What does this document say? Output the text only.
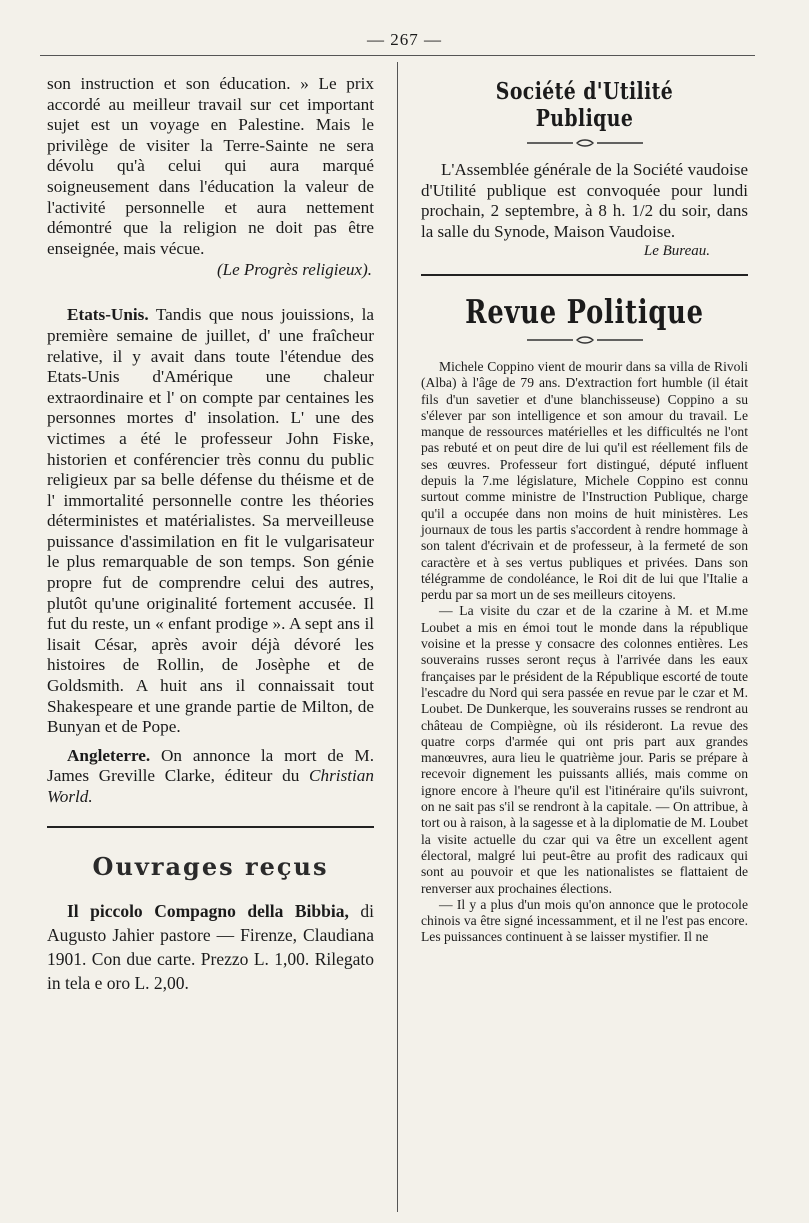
— 267 —

son instruction et son éducation. » Le prix accordé au meilleur travail sur cet important sujet est un voyage en Palestine. Mais le privilège de visiter la Terre-Sainte ne sera dévolu qu'à celui qui aura marqué soigneusement dans l'éducation la valeur de l'activité personnelle et aura nettement démontré que la religion ne doit pas être enseignée, mais vécue.

(Le Progrès religieux).

Etats-Unis. Tandis que nous jouissions, la première semaine de juillet, d' une fraîcheur relative, il y avait dans toute l'étendue des Etats-Unis d'Amérique une chaleur extraordinaire et l' on compte par centaines les personnes mortes d' insolation. L' une des victimes a été le professeur John Fiske, historien et conférencier très connu du public religieux par sa belle défense du théisme et de l' immortalité personnelle contre les théories déterministes et matérialistes. Sa merveilleuse puissance d'assimilation en fit le vulgarisateur le plus remarquable de son temps. Son génie propre fut de comprendre celui des autres, plutôt qu'une originalité fortement accusée. Il fut du reste, un « enfant prodige ». A sept ans il lisait César, après avoir déjà dévoré les histoires de Rollin, de Josèphe et de Goldsmith. A huit ans il connaissait tout Shakespeare et une grande partie de Milton, de Bunyan et de Pope.

Angleterre. On annonce la mort de M. James Greville Clarke, éditeur du Christian World.

Ouvrages reçus

Il piccolo Compagno della Bibbia, di Augusto Jahier pastore — Firenze, Claudiana 1901. Con due carte. Prezzo L. 1,00. Rilegato in tela e oro L. 2,00.

Société d'Utilité Publique

L'Assemblée générale de la Société vaudoise d'Utilité publique est convoquée pour lundi prochain, 2 septembre, à 8 h. 1/2 du soir, dans la salle du Synode, Maison Vaudoise.

Le Bureau.

Revue Politique

Michele Coppino vient de mourir dans sa villa de Rivoli (Alba) à l'âge de 79 ans. D'extraction fort humble (il était fils d'un savetier et d'une blanchisseuse) Coppino a su s'élever par son intelligence et son amour du travail. Le manque de ressources matérielles et les difficultés ne l'ont pas rebuté et on peut dire de lui qu'il est réellement fils de ses œuvres. Professeur fort distingué, député influent depuis la 7.me législature, Michele Coppino est connu surtout comme ministre de l'Instruction Publique, charge qu'il a occupée dans non moins de huit ministères. Les journaux de tous les partis s'accordent à rendre hommage à son talent d'écrivain et de professeur, à la fermeté de son caractère et à ses vertus publiques et privées. Dans son télégramme de condoléance, le Roi dit de lui que l'Italie a perdu par sa mort un de ses meilleurs citoyens.

— La visite du czar et de la czarine à M. et M.me Loubet a mis en émoi tout le monde dans la république voisine et la presse y consacre des colonnes entières. Les souverains russes seront reçus à l'arrivée dans les eaux françaises par le président de la République escorté de toute l'escadre du Nord qui sera passée en revue par le czar et M. Loubet. De Dunkerque, les souverains russes se rendront au château de Compiègne, où ils résideront. La revue des quatre corps d'armée qui ont pris part aux grandes manœuvres, aura lieu le quatrième jour. Paris se prépare à recevoir dignement les puissants alliés, mais comme on ignore encore à l'heure qu'il est l'itinéraire qu'ils suivront, on ne sait pas s'il se rendront à la capitale. — On attribue, à tort ou à raison, à la sagesse et à la diplomatie de M. Loubet la visite actuelle du czar qui va être un excellent agent électoral, malgré lui peut-être au profit des radicaux qui sont au pouvoir et que les nationalistes se flattaient de renverser aux prochaines élections.

— Il y a plus d'un mois qu'on annonce que le protocole chinois va être signé incessamment, et il ne l'est pas encore. Les puissances continuent à se laisser mystifier. Il ne
